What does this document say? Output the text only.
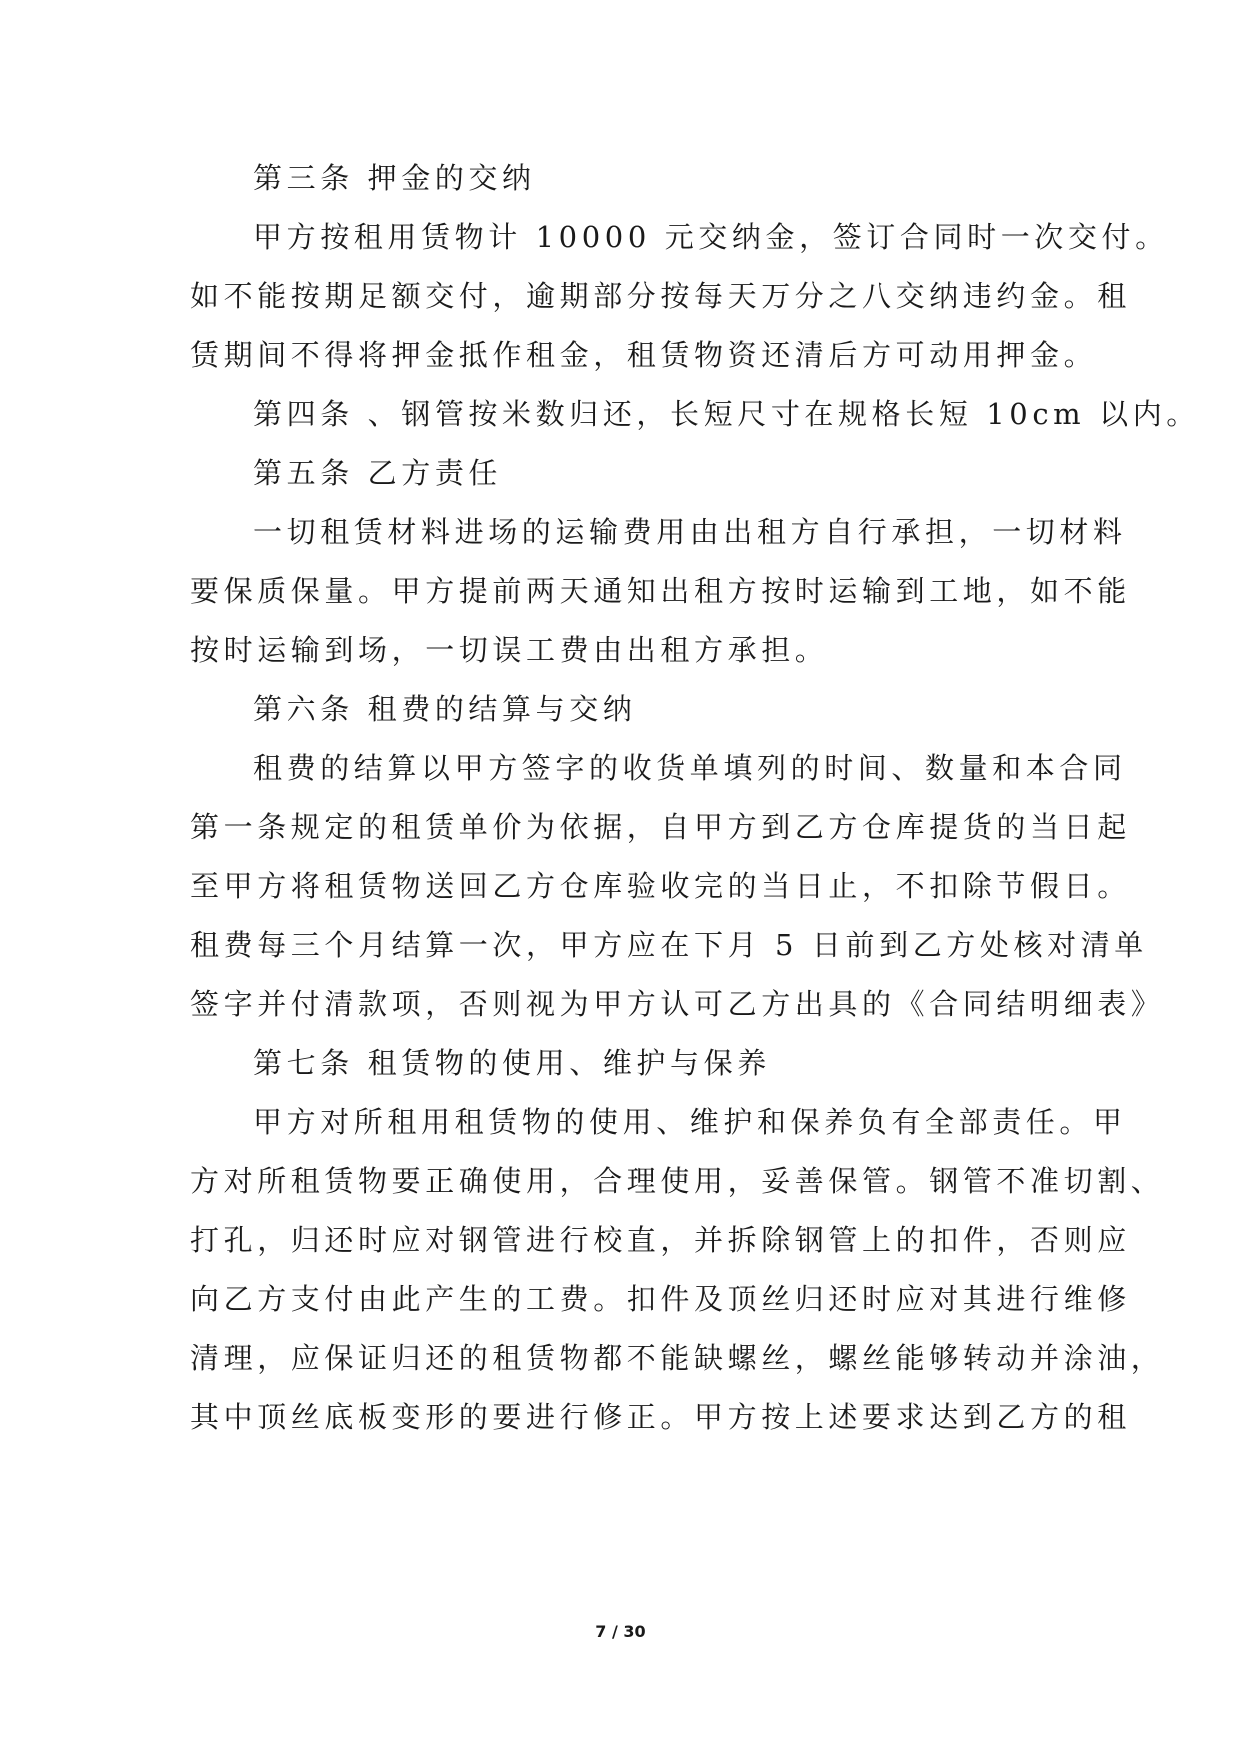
第三条 押金的交纳
甲方按租用赁物计 10000 元交纳金，签订合同时一次交付。
如不能按期足额交付，逾期部分按每天万分之八交纳违约金。租
赁期间不得将押金抵作租金，租赁物资还清后方可动用押金。
第四条 、钢管按米数归还，长短尺寸在规格长短 10cm 以内。
第五条 乙方责任
一切租赁材料进场的运输费用由出租方自行承担，一切材料
要保质保量。甲方提前两天通知出租方按时运输到工地，如不能
按时运输到场，一切误工费由出租方承担。
第六条 租费的结算与交纳
租费的结算以甲方签字的收货单填列的时间、数量和本合同
第一条规定的租赁单价为依据，自甲方到乙方仓库提货的当日起
至甲方将租赁物送回乙方仓库验收完的当日止，不扣除节假日。
租费每三个月结算一次，甲方应在下月 5 日前到乙方处核对清单
签字并付清款项，否则视为甲方认可乙方出具的《合同结明细表》
第七条 租赁物的使用、维护与保养
甲方对所租用租赁物的使用、维护和保养负有全部责任。甲
方对所租赁物要正确使用，合理使用，妥善保管。钢管不准切割、
打孔，归还时应对钢管进行校直，并拆除钢管上的扣件，否则应
向乙方支付由此产生的工费。扣件及顶丝归还时应对其进行维修
清理，应保证归还的租赁物都不能缺螺丝，螺丝能够转动并涂油，
其中顶丝底板变形的要进行修正。甲方按上述要求达到乙方的租
7 / 30
